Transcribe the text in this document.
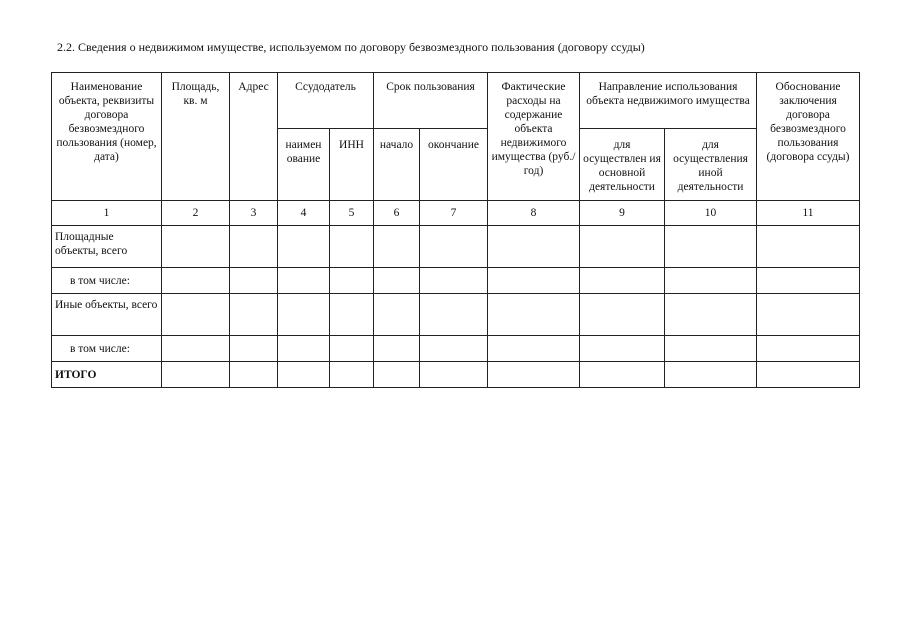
2.2. Сведения о недвижимом имуществе, используемом по договору безвозмездного пользования (договору ссуды)
Наименование объекта, реквизиты договора безвозмездного пользования (номер, дата)	Площадь, кв. м	Адрес	Ссудодатель		Срок пользования		Фактические расходы на содержание объекта недвижимого имущества (руб./год)	Направление использования объекта недвижимого имущества		Обоснование заключения договора безвозмездного пользования (договора ссуды)
			наимен ование	ИНН	начало	окончание		для осуществлен ия основной деятельности	для осуществления иной деятельности	
1	2	3	4	5	6	7	8	9	10	11
Площадные объекты, всего										
в том числе:										
Иные объекты, всего										
в том числе:										
ИТОГО										
